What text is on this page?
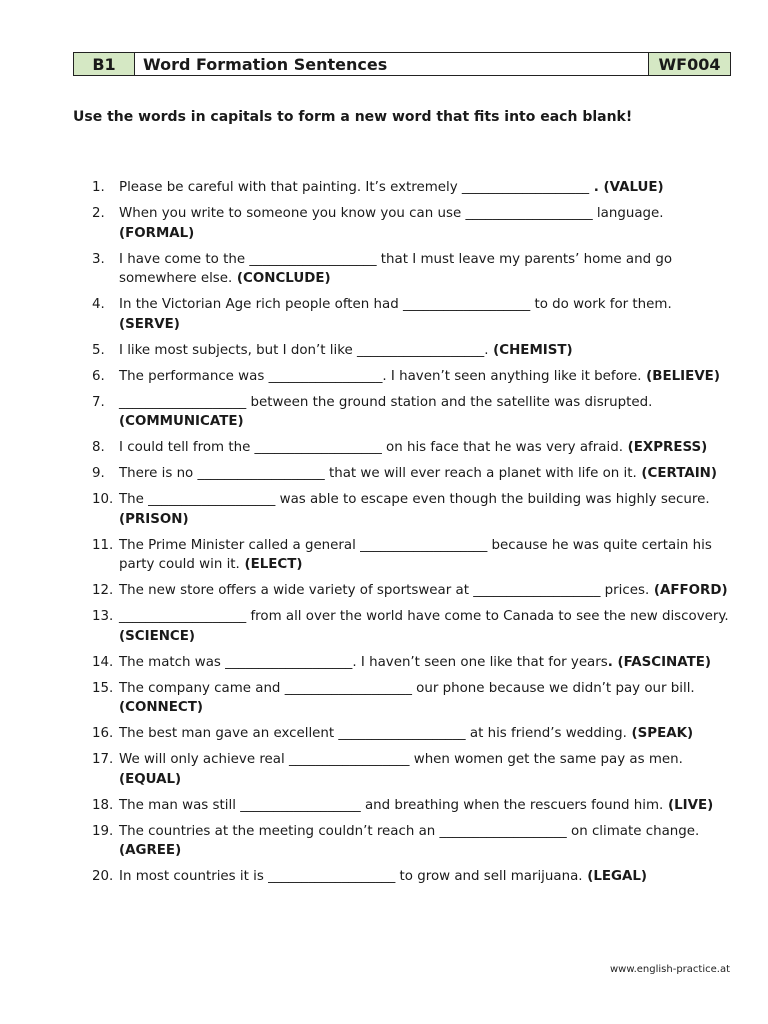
B1	Word Formation Sentences	WF004
Use the words in capitals to form a new word that fits into each blank!
1.	Please be careful with that painting. It’s extremely ___________________ . (VALUE)
2.	When you write to someone you know you can use ___________________ language. (FORMAL)
3.	I have come to the ___________________ that I must leave my parents’ home and go somewhere else. (CONCLUDE)
4.	In the Victorian Age rich people often had ___________________ to do work for them. (SERVE)
5.	I like most subjects, but I don’t like ___________________. (CHEMIST)
6.	The performance was _________________. I haven’t seen anything like it before. (BELIEVE)
7.	___________________ between the ground station and the satellite was disrupted. (COMMUNICATE)
8.	I could tell from the ___________________ on his face that he was very afraid. (EXPRESS)
9.	There is no ___________________ that we will ever reach a planet with life on it. (CERTAIN)
10. The ___________________ was able to escape even though the building was highly secure. (PRISON)
11. The Prime Minister called a general ___________________ because he was quite certain his party could win it. (ELECT)
12. The new store offers a wide variety of sportswear at ___________________ prices. (AFFORD)
13. ___________________ from all over the world have come to Canada to see the new discovery. (SCIENCE)
14. The match was ___________________. I haven’t seen one like that for years. (FASCINATE)
15. The company came and ___________________ our phone because we didn’t pay our bill. (CONNECT)
16. The best man gave an excellent ___________________ at his friend’s wedding. (SPEAK)
17. We will only achieve real __________________ when women get the same pay as men. (EQUAL)
18. The man was still __________________ and breathing when the rescuers found him. (LIVE)
19. The countries at the meeting couldn’t reach an ___________________ on climate change. (AGREE)
20. In most countries it is ___________________ to grow and sell marijuana. (LEGAL)
www.english-practice.at
